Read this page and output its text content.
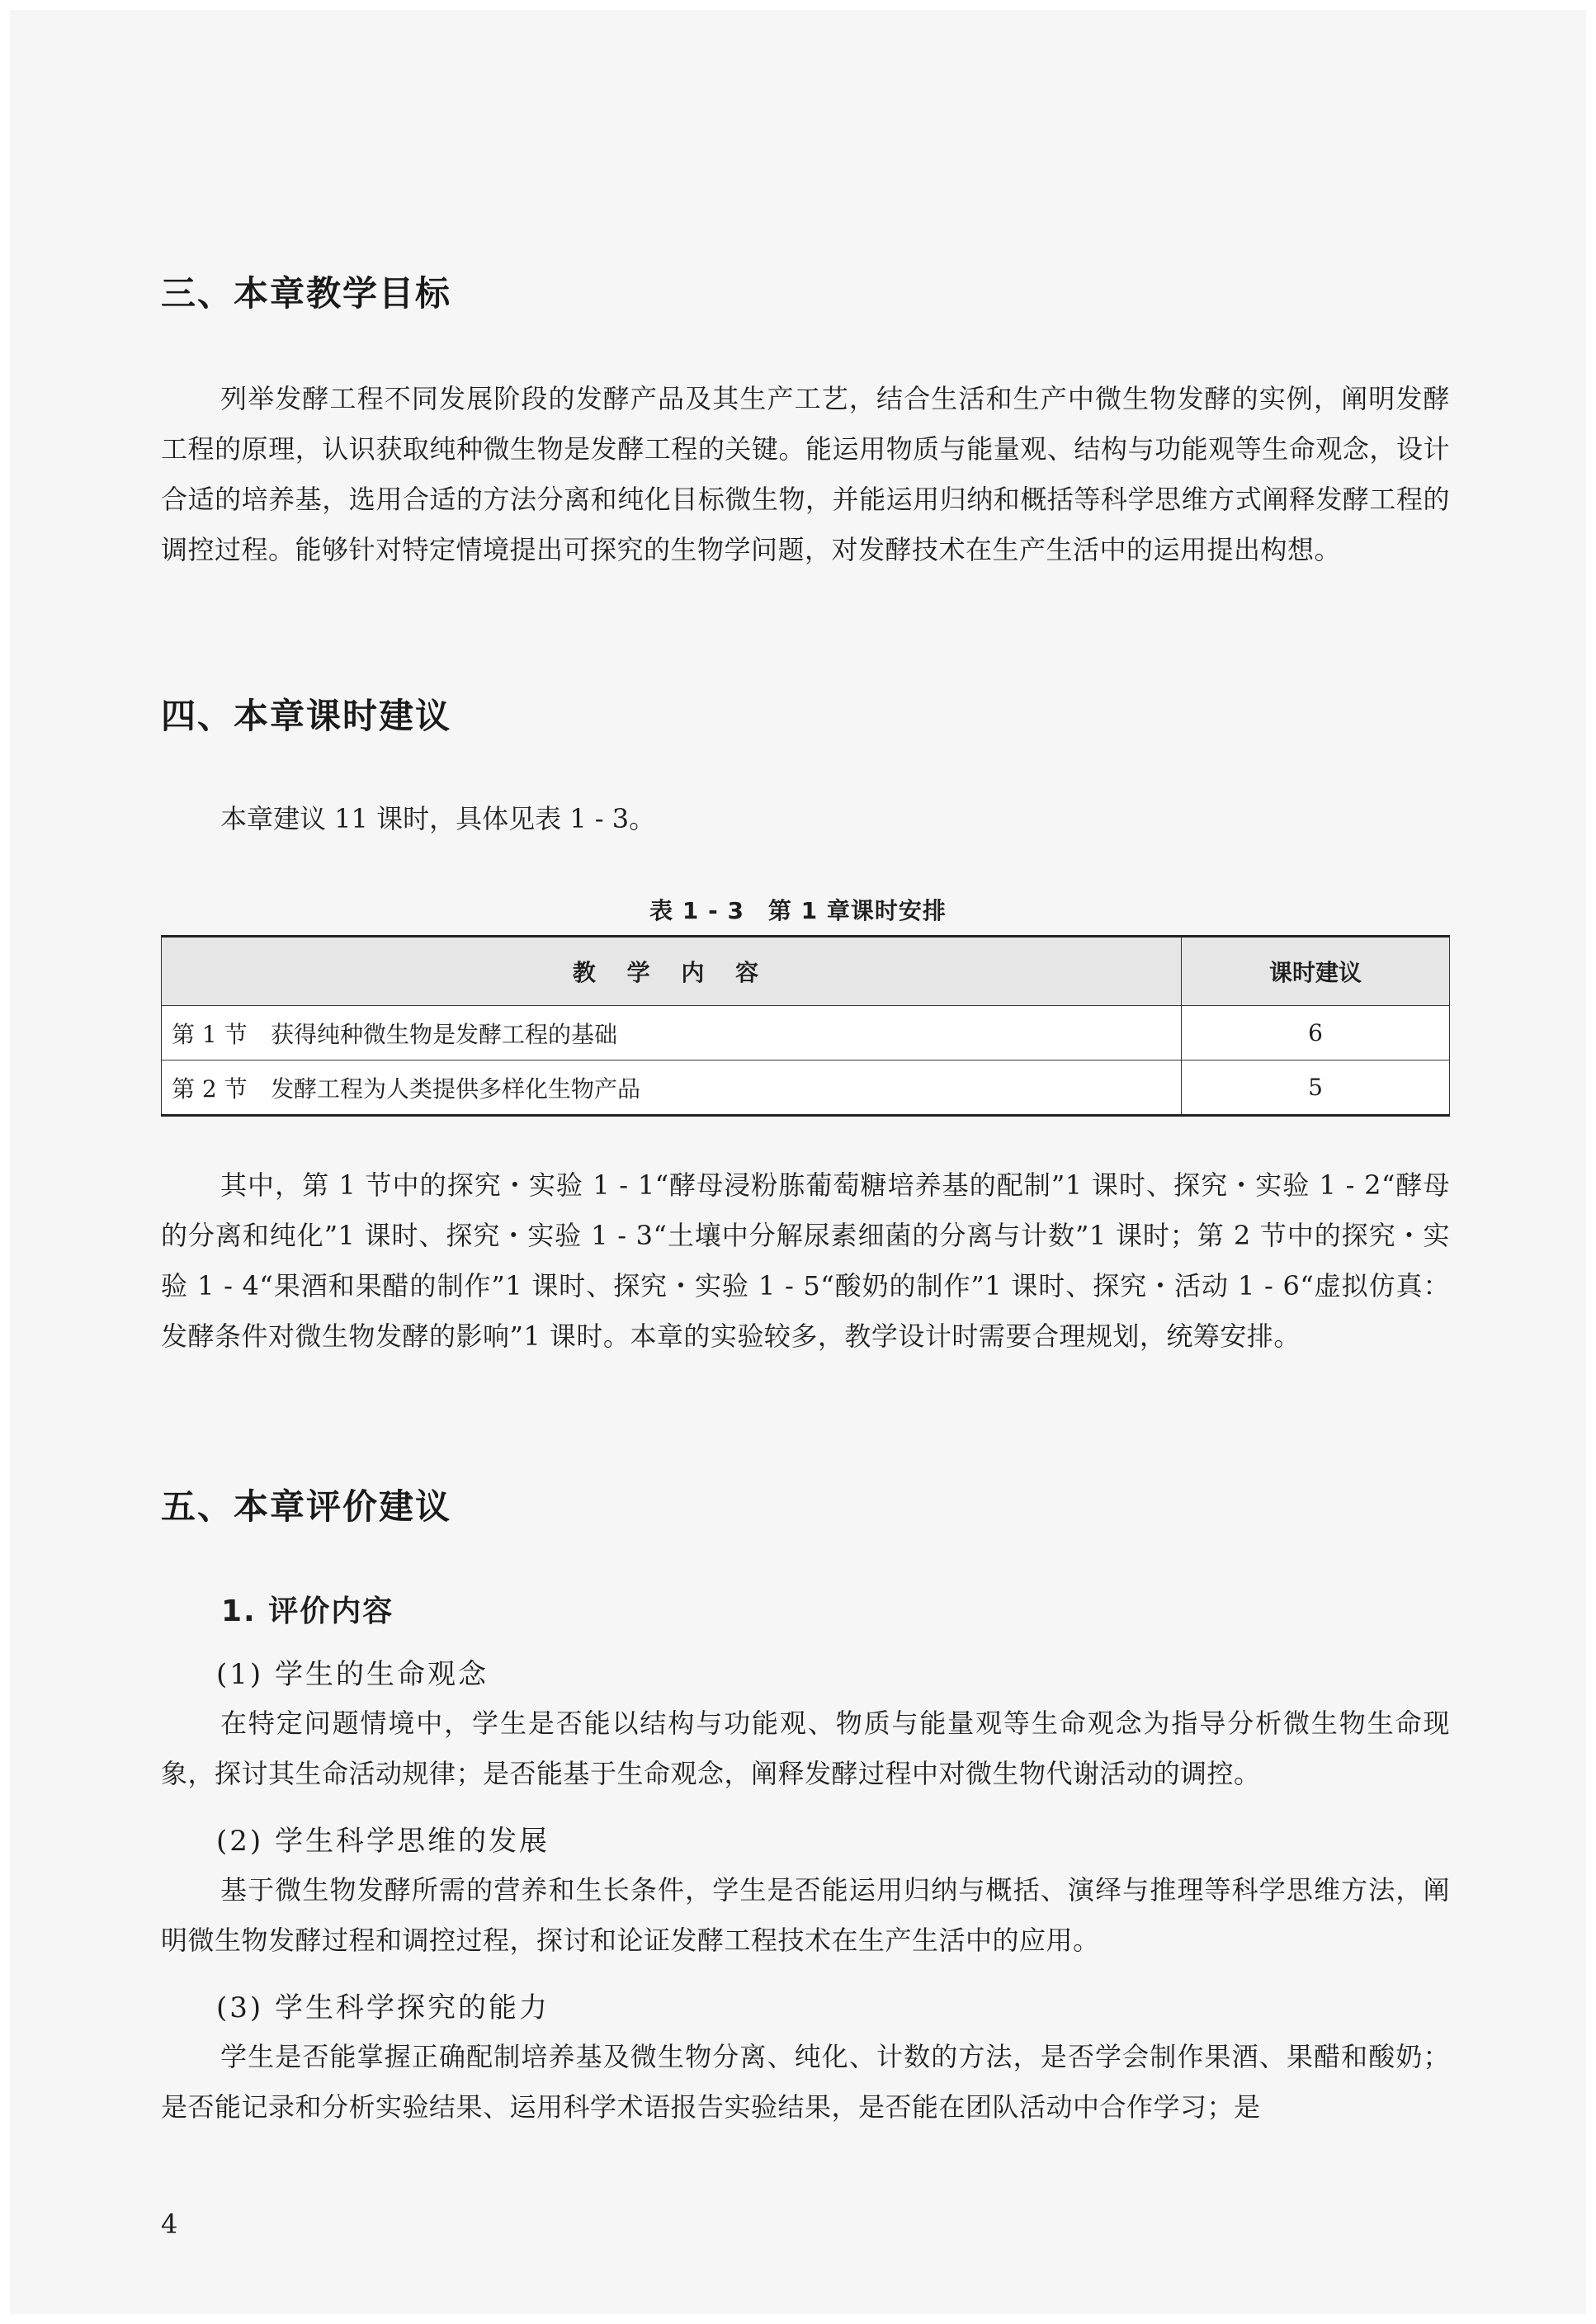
三、本章教学目标

列举发酵工程不同发展阶段的发酵产品及其生产工艺，结合生活和生产中微生物发酵的实例，阐明发酵工程的原理，认识获取纯种微生物是发酵工程的关键。能运用物质与能量观、结构与功能观等生命观念，设计合适的培养基，选用合适的方法分离和纯化目标微生物，并能运用归纳和概括等科学思维方式阐释发酵工程的调控过程。能够针对特定情境提出可探究的生物学问题，对发酵技术在生产生活中的运用提出构想。

四、本章课时建议
本章建议 11 课时，具体见表 1 - 3。
表 1 - 3　第 1 章课时安排
教 学 内 容	课时建议
第 1 节 获得纯种微生物是发酵工程的基础	6
第 2 节 发酵工程为人类提供多样化生物产品	5

其中，第 1 节中的探究・实验 1 - 1“酵母浸粉胨葡萄糖培养基的配制”1 课时、探究・实验 1 - 2“酵母的分离和纯化”1 课时、探究・实验 1 - 3“土壤中分解尿素细菌的分离与计数”1 课时；第 2 节中的探究・实验 1 - 4“果酒和果醋的制作”1 课时、探究・实验 1 - 5“酸奶的制作”1 课时、探究・活动 1 - 6“虚拟仿真：发酵条件对微生物发酵的影响”1 课时。本章的实验较多，教学设计时需要合理规划，统筹安排。

五、本章评价建议
1. 评价内容
(1) 学生的生命观念

在特定问题情境中，学生是否能以结构与功能观、物质与能量观等生命观念为指导分析微生物生命现象，探讨其生命活动规律；是否能基于生命观念，阐释发酵过程中对微生物代谢活动的调控。

(2) 学生科学思维的发展

基于微生物发酵所需的营养和生长条件，学生是否能运用归纳与概括、演绎与推理等科学思维方法，阐明微生物发酵过程和调控过程，探讨和论证发酵工程技术在生产生活中的应用。

(3) 学生科学探究的能力

学生是否能掌握正确配制培养基及微生物分离、纯化、计数的方法，是否学会制作果酒、果醋和酸奶；是否能记录和分析实验结果、运用科学术语报告实验结果，是否能在团队活动中合作学习；是

4
